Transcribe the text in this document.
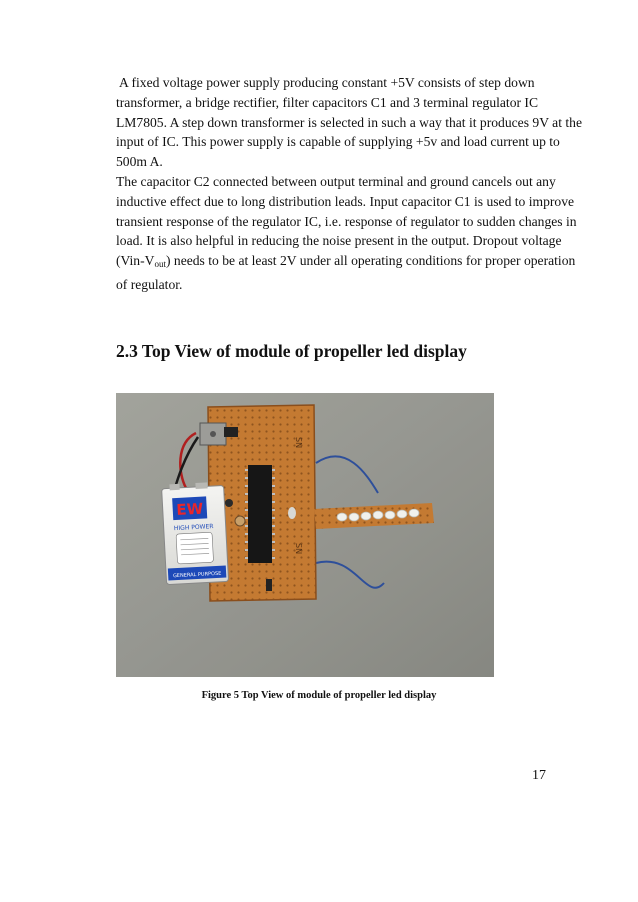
A fixed voltage power supply producing constant +5V consists of step down
transformer, a bridge rectifier, filter capacitors C1 and 3 terminal regulator IC
LM7805. A step down transformer is selected in such a way that it produces 9V at the
input of IC. This power supply is capable of supplying +5v and load current up to
500m A.
The capacitor C2 connected between output terminal and ground cancels out any
inductive effect due to long distribution leads. Input capacitor C1 is used to improve
transient response of the regulator IC, i.e. response of regulator to sudden changes in
load. It is also helpful in reducing the noise present in the output. Dropout voltage
$(Vin-V_{out})$ needs to be at least 2V under all operating conditions for proper operation
of regulator.
2.3 Top View of module of propeller led display
SN
SN
EW
HIGH POWER
GENERAL PURPOSE

Figure 5 Top View of module of propeller led display

17
